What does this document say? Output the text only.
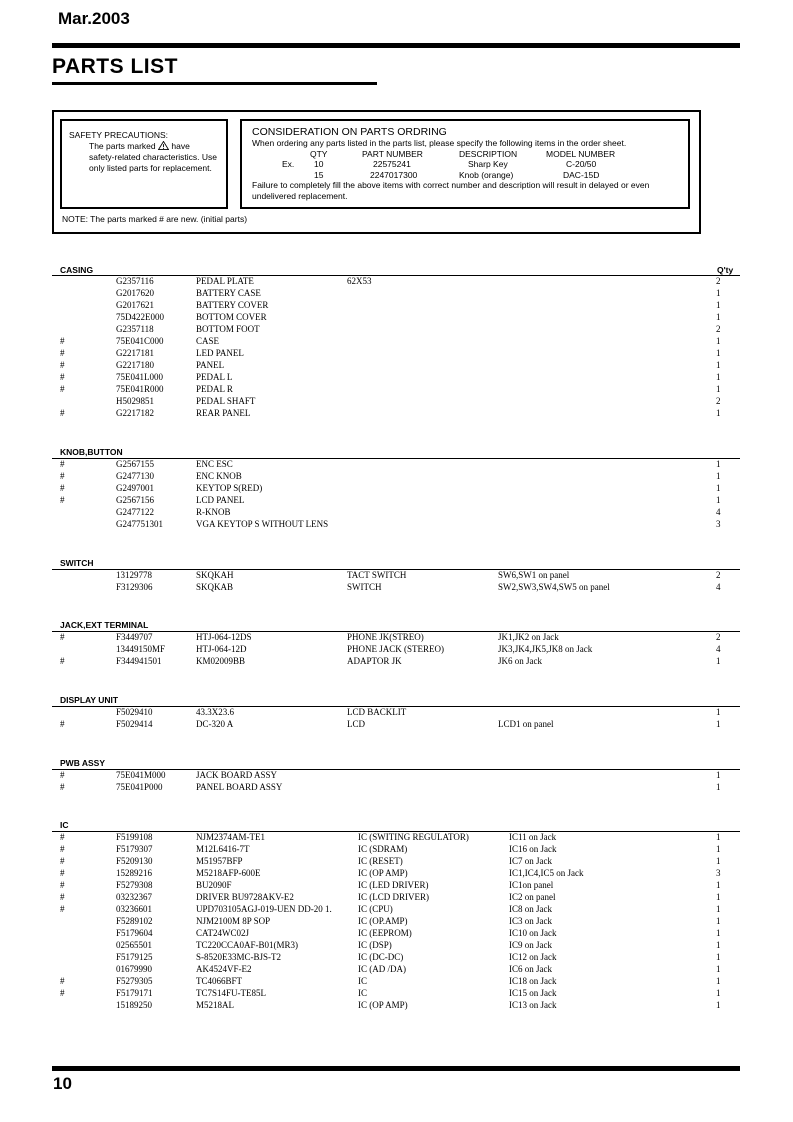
Mar.2003
PARTS LIST
SAFETY PRECAUTIONS:
The parts marked have
safety-related characteristics. Use
only listed parts for replacement.
CONSIDERATION ON PARTS ORDRING
When ordering any parts listed in the parts list, please specify the following items in the order sheet.
QTY	PART NUMBER	DESCRIPTION	MODEL NUMBER
Ex. 10	22575241	Sharp Key	C-20/50
15	2247017300	Knob (orange)	DAC-15D
Failure to completely fill the above items with correct number and description will result in delayed or even
undelivered replacement.
NOTE: The parts marked # are new. (initial parts)
Q'ty
CASING
G2357116	PEDAL PLATE	62X53	2
G2017620	BATTERY CASE	1
G2017621	BATTERY COVER	1
75D422E000	BOTTOM COVER	1
G2357118	BOTTOM FOOT	2
#	75E041C000	CASE	1
#	G2217181	LED PANEL	1
#	G2217180	PANEL	1
#	75E041L000	PEDAL L	1
#	75E041R000	PEDAL R	1
H5029851	PEDAL SHAFT	2
#	G2217182	REAR PANEL	1
KNOB,BUTTON
#	G2567155	ENC ESC	1
#	G2477130	ENC KNOB	1
#	G2497001	KEYTOP S(RED)	1
#	G2567156	LCD PANEL	1
G2477122	R-KNOB	4
G247751301	VGA KEYTOP S WITHOUT LENS	3
SWITCH
13129778	SKQKAH	TACT SWITCH	SW6,SW1 on panel	2
F3129306	SKQKAB	SWITCH	SW2,SW3,SW4,SW5 on panel	4
JACK,EXT TERMINAL
#	F3449707	HTJ-064-12DS	PHONE JK(STREO)	JK1,JK2 on Jack	2
13449150MF	HTJ-064-12D	PHONE JACK (STEREO)	JK3,JK4,JK5,JK8 on Jack	4
#	F344941501	KM02009BB	ADAPTOR JK	JK6 on Jack	1
DISPLAY UNIT
F5029410	43.3X23.6	LCD BACKLIT	1
#	F5029414	DC-320 A	LCD	LCD1 on panel	1
PWB ASSY
#	75E041M000	JACK BOARD ASSY	1
#	75E041P000	PANEL BOARD ASSY	1
IC
#	F5199108	NJM2374AM-TE1	IC (SWITING REGULATOR)	IC11 on Jack	1
#	F5179307	M12L6416-7T	IC (SDRAM)	IC16 on Jack	1
#	F5209130	M51957BFP	IC (RESET)	IC7 on Jack	1
#	15289216	M5218AFP-600E	IC (OP AMP)	IC1,IC4,IC5 on Jack	3
#	F5279308	BU2090F	IC (LED DRIVER)	IC1on panel	1
#	03232367	DRIVER BU9728AKV-E2	IC (LCD DRIVER)	IC2 on panel	1
#	03236601	UPD703105AGJ-019-UEN DD-20 1.	IC (CPU)	IC8 on Jack	1
F5289102	NJM2100M 8P SOP	IC (OP.AMP)	IC3 on Jack	1
F5179604	CAT24WC02J	IC (EEPROM)	IC10 on Jack	1
02565501	TC220CCA0AF-B01(MR3)	IC (DSP)	IC9 on Jack	1
F5179125	S-8520E33MC-BJS-T2	IC (DC-DC)	IC12 on Jack	1
01679990	AK4524VF-E2	IC (AD /DA)	IC6 on Jack	1
#	F5279305	TC4066BFT	IC	IC18 on Jack	1
#	F5179171	TC7S14FU-TE85L	IC	IC15 on Jack	1
15189250	M5218AL	IC (OP AMP)	IC13 on Jack	1
10
